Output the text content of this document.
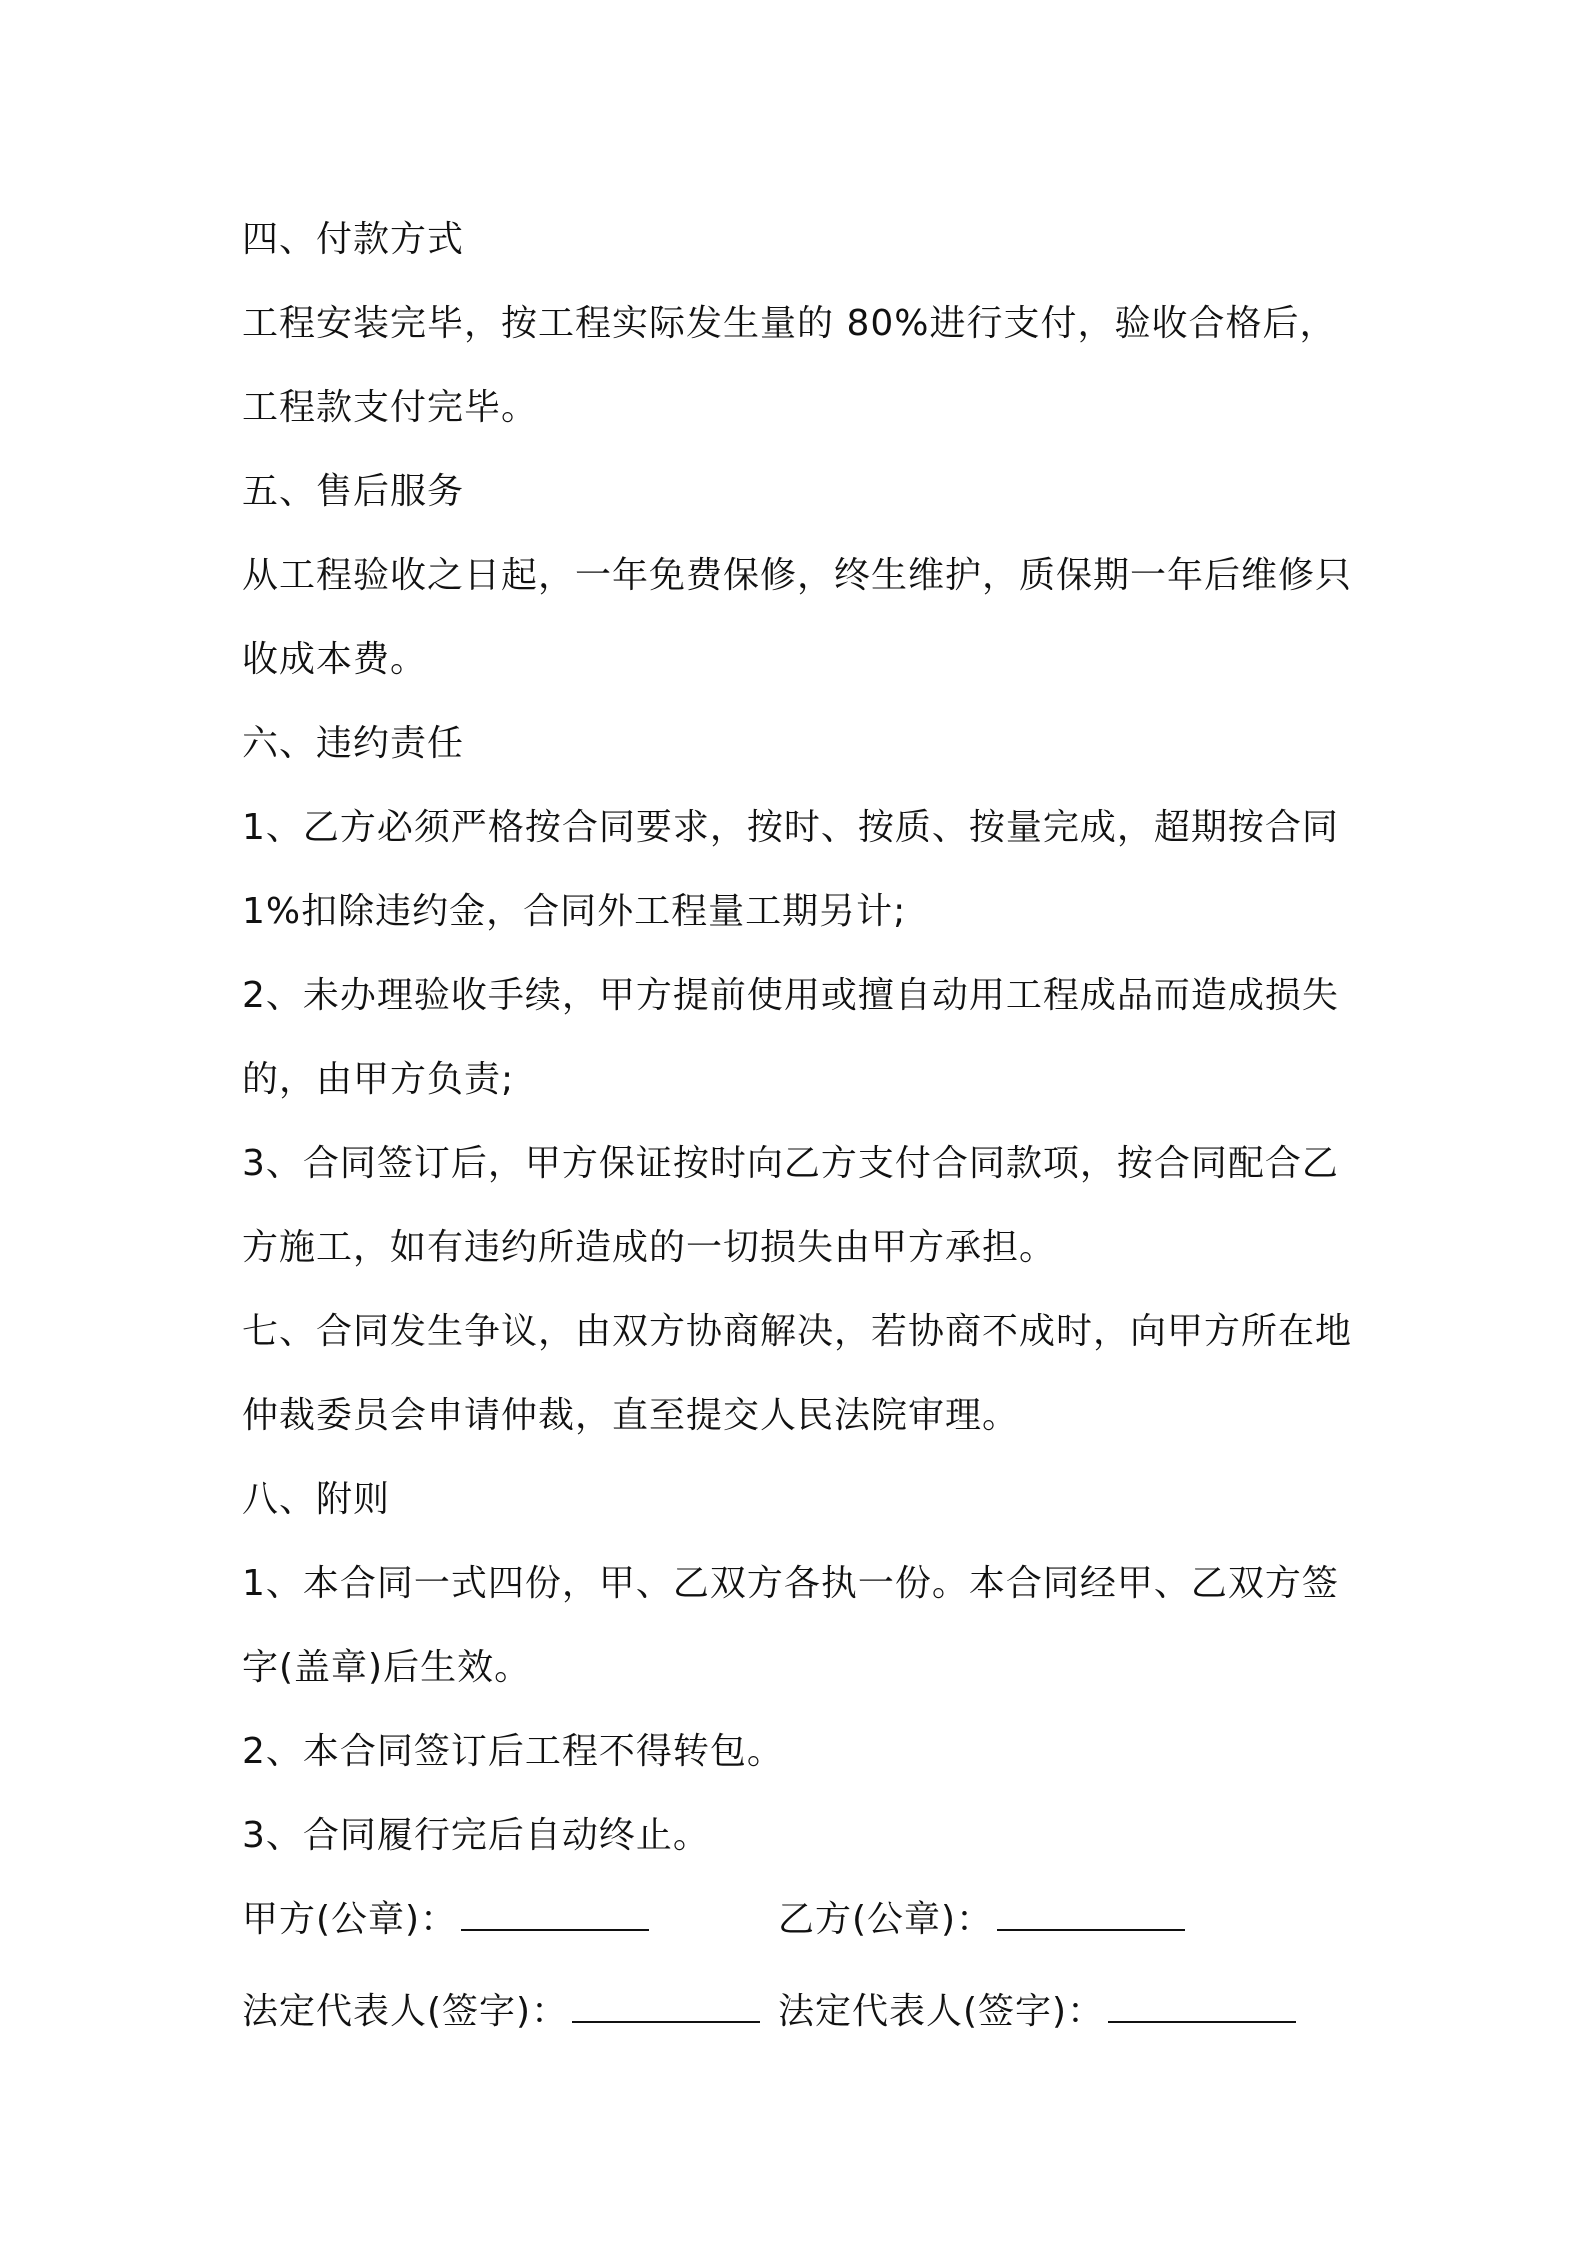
四、付款方式
工程安装完毕，按工程实际发生量的 80%进行支付，验收合格后，
工程款支付完毕。
五、售后服务
从工程验收之日起，一年免费保修，终生维护，质保期一年后维修只
收成本费。
六、违约责任
1、乙方必须严格按合同要求，按时、按质、按量完成，超期按合同
1%扣除违约金，合同外工程量工期另计;
2、未办理验收手续，甲方提前使用或擅自动用工程成品而造成损失
的，由甲方负责;
3、合同签订后，甲方保证按时向乙方支付合同款项，按合同配合乙
方施工，如有违约所造成的一切损失由甲方承担。
七、合同发生争议，由双方协商解决，若协商不成时，向甲方所在地
仲裁委员会申请仲裁，直至提交人民法院审理。
八、附则
1、本合同一式四份，甲、乙双方各执一份。本合同经甲、乙双方签
字(盖章)后生效。
2、本合同签订后工程不得转包。
3、合同履行完后自动终止。
甲方(公章)：	乙方(公章)：
法定代表人(签字)：	法定代表人(签字)：
